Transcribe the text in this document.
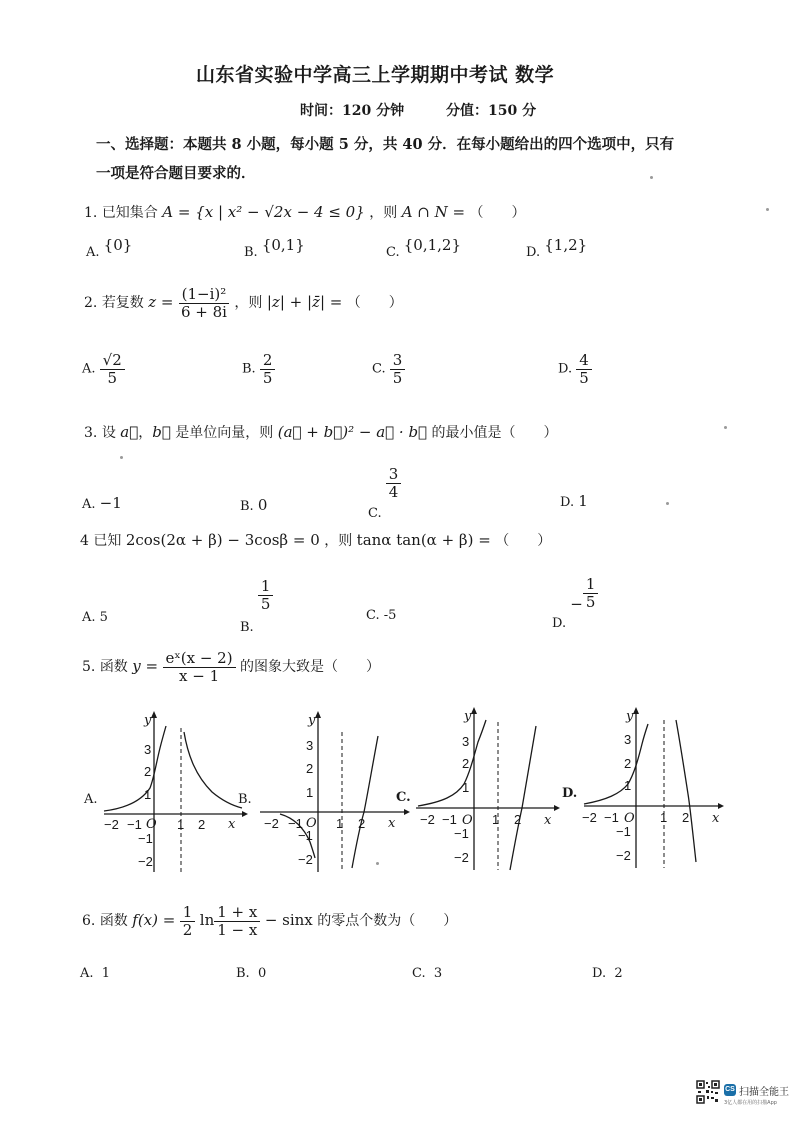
山东省实验中学高三上学期期中考试 数学
时间：120 分钟	分值：150 分
一、选择题：本题共 8 小题，每小题 5 分，共 40 分．在每小题给出的四个选项中，只有
一项是符合题目要求的．
1. 已知集合 A = {x | x² − √2x − 4 ≤ 0} ，则 A ∩ N = （　　）
A. {0}	B. {0,1}	C. {0,1,2}	D. {1,2}
2. 若复数 $z = \frac{\text{(1−i)²}}{6 + 8i}$ ，则 |z| + |z̄| = （　　）
A. $\frac{√2}{5}$	B. $\frac{2}{5}$	C. $\frac{3}{5}$	D. $\frac{4}{5}$
3. 设 a⃗，b⃗ 是单位向量，则 (a⃗ + b⃗)² − a⃗ · b⃗ 的最小值是（　　）
A. −1	B. 0	C.
$\frac{3}{4}$
D. 1
4 已知 2cos(2α + β) − 3cosβ = 0 ，则 tanα tan(α + β) = （　　）
A. 5
B.
$\frac{1}{5}$
C. -5	D. − $\frac{1}{5}$
5. 函数 $y = \frac{\text{eˣ(x − 2)}}{x - 1}$ 的图象大致是（　　）
A.	B.	C.	D.
y
x
O
−2 −1	1 2
3
2
1
−1
−2
y
x
O
−2 −1	1 2
3
2
1
−1
−2
y
x
O
−2 −1	1 2
3
2
1
−1
−2
y
x
O
−2 −1	1 2
3
2
1
−1
−2
6. 函数 $f(x) = \frac{1}{2}$ $\ln \frac{1 + x}{1 - x} - \sin x$ 的零点个数为（　　）
A. 1	B. 0	C. 3	D. 2
CS 扫描全能王
3亿人都在用的扫描App
